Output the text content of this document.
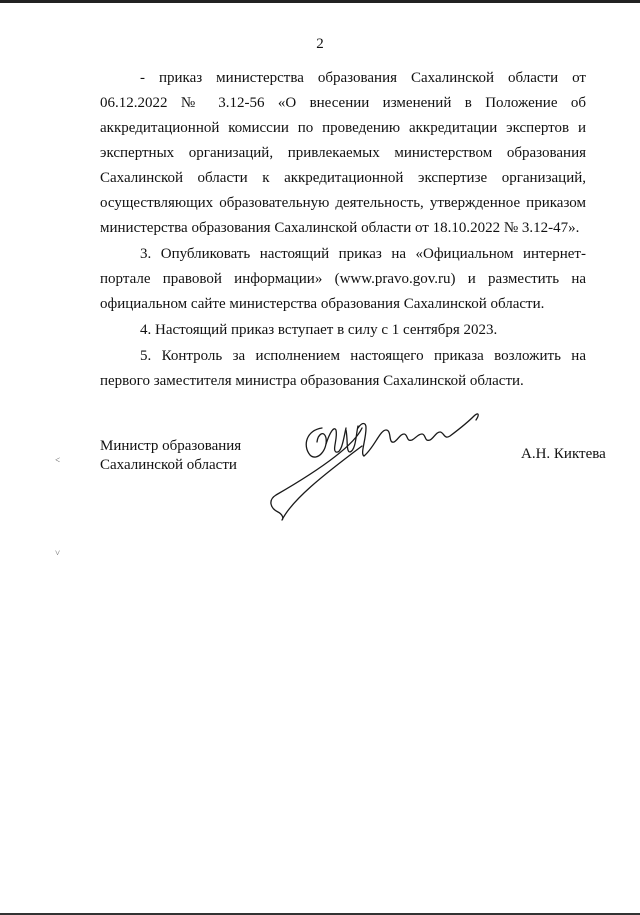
2

- приказ министерства образования Сахалинской области от 06.12.2022 № 3.12-56 «О внесении изменений в Положение об аккредитационной комиссии по проведению аккредитации экспертов и экспертных организаций, привлекаемых министерством образования Сахалинской области к аккредитационной экспертизе организаций, осуществляющих образовательную деятельность, утвержденное приказом министерства образования Сахалинской области от 18.10.2022 № 3.12-47».

3. Опубликовать настоящий приказ на «Официальном интернет-портале правовой информации» (www.pravo.gov.ru) и разместить на официальном сайте министерства образования Сахалинской области.

4. Настоящий приказ вступает в силу с 1 сентября 2023.

5. Контроль за исполнением настоящего приказа возложить на первого заместителя министра образования Сахалинской области.

Министр образования
Сахалинской области
А.Н. Киктева
˂
˅
